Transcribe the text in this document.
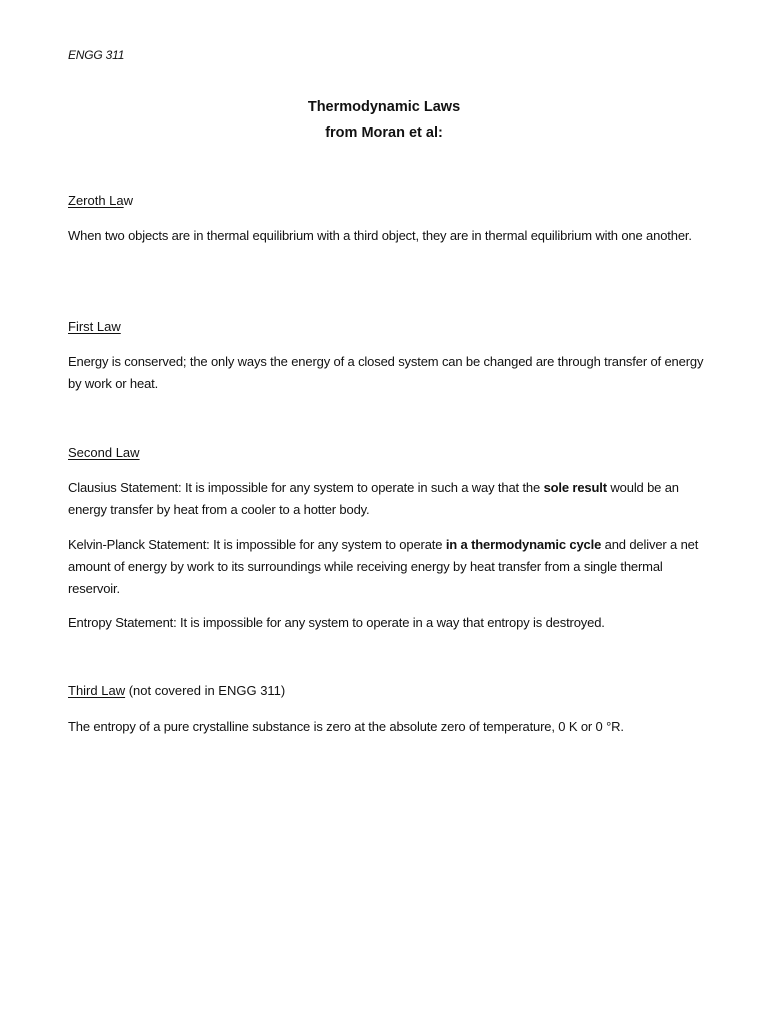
ENGG 311
Thermodynamic Laws
from Moran et al:
Zeroth Law
When two objects are in thermal equilibrium with a third object, they are in thermal equilibrium with one another.
First Law
Energy is conserved; the only ways the energy of a closed system can be changed are through transfer of energy by work or heat.
Second Law
Clausius Statement: It is impossible for any system to operate in such a way that the sole result would be an energy transfer by heat from a cooler to a hotter body.
Kelvin-Planck Statement: It is impossible for any system to operate in a thermodynamic cycle and deliver a net amount of energy by work to its surroundings while receiving energy by heat transfer from a single thermal reservoir.
Entropy Statement: It is impossible for any system to operate in a way that entropy is destroyed.
Third Law (not covered in ENGG 311)
The entropy of a pure crystalline substance is zero at the absolute zero of temperature, 0 K or 0 °R.
